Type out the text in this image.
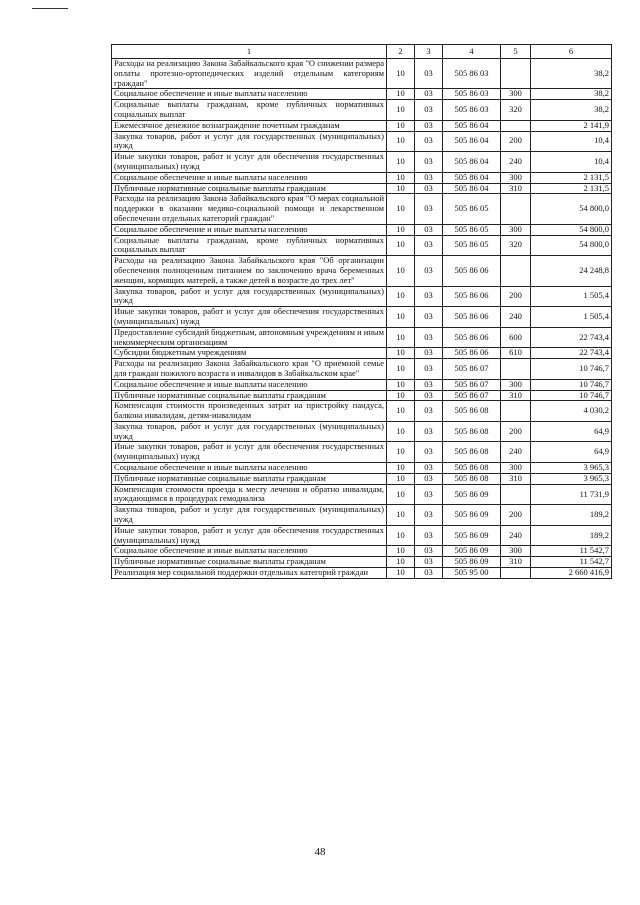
1	2	3	4	5	6
Расходы на реализацию Закона Забайкальского края "О снижении размера оплаты протезно-ортопедических изделий отдельным категориям граждан"	10	03	505 86 03		38,2
Социальное обеспечение и иные выплаты населению	10	03	505 86 03	300	38,2
Социальные выплаты гражданам, кроме публичных нормативных социальных выплат	10	03	505 86 03	320	38,2
Ежемесячное денежное вознаграждение почетным гражданам	10	03	505 86 04		2 141,9
Закупка товаров, работ и услуг для государственных (муниципальных) нужд	10	03	505 86 04	200	10,4
Иные закупки товаров, работ и услуг для обеспечения государственных (муниципальных) нужд	10	03	505 86 04	240	10,4
Социальное обеспечение и иные выплаты населению	10	03	505 86 04	300	2 131,5
Публичные нормативные социальные выплаты гражданам	10	03	505 86 04	310	2 131,5
Расходы на реализацию Закона Забайкальского края "О мерах социальной поддержки в оказании медико-социальной помощи и лекарственном обеспечении отдельных категорий граждан"	10	03	505 86 05		54 800,0
Социальное обеспечение и иные выплаты населению	10	03	505 86 05	300	54 800,0
Социальные выплаты гражданам, кроме публичных нормативных социальных выплат	10	03	505 86 05	320	54 800,0
Расходы на реализацию Закона Забайкальского края "Об организации обеспечения полноценным питанием по заключению врача беременных женщин, кормящих матерей, а также детей в возрасте до трех лет"	10	03	505 86 06		24 248,8
Закупка товаров, работ и услуг для государственных (муниципальных) нужд	10	03	505 86 06	200	1 505,4
Иные закупки товаров, работ и услуг для обеспечения государственных (муниципальных) нужд	10	03	505 86 06	240	1 505,4
Предоставление субсидий бюджетным, автономным учреждениям и иным некоммерческим организациям	10	03	505 86 06	600	22 743,4
Субсидии бюджетным учреждениям	10	03	505 86 06	610	22 743,4
Расходы на реализацию Закона Забайкальского края "О приемной семье для граждан пожилого возраста и инвалидов в Забайкальском крае"	10	03	505 86 07		10 746,7
Социальное обеспечение и иные выплаты населению	10	03	505 86 07	300	10 746,7
Публичные нормативные социальные выплаты гражданам	10	03	505 86 07	310	10 746,7
Компенсация стоимости произведенных затрат на пристройку пандуса, балкона инвалидам, детям-инвалидам	10	03	505 86 08		4 030,2
Закупка товаров, работ и услуг для государственных (муниципальных) нужд	10	03	505 86 08	200	64,9
Иные закупки товаров, работ и услуг для обеспечения государственных (муниципальных) нужд	10	03	505 86 08	240	64,9
Социальное обеспечение и иные выплаты населению	10	03	505 86 08	300	3 965,3
Публичные нормативные социальные выплаты гражданам	10	03	505 86 08	310	3 965,3
Компенсация стоимости проезда к месту лечения и обратно инвалидам, нуждающимся в процедурах гемодиализа	10	03	505 86 09		11 731,9
Закупка товаров, работ и услуг для государственных (муниципальных) нужд	10	03	505 86 09	200	189,2
Иные закупки товаров, работ и услуг для обеспечения государственных (муниципальных) нужд	10	03	505 86 09	240	189,2
Социальное обеспечение и иные выплаты населению	10	03	505 86 09	300	11 542,7
Публичные нормативные социальные выплаты гражданам	10	03	505 86 09	310	11 542,7
Реализация мер социальной поддержки отдельных категорий граждан	10	03	505 95 00		2 660 416,9
48
